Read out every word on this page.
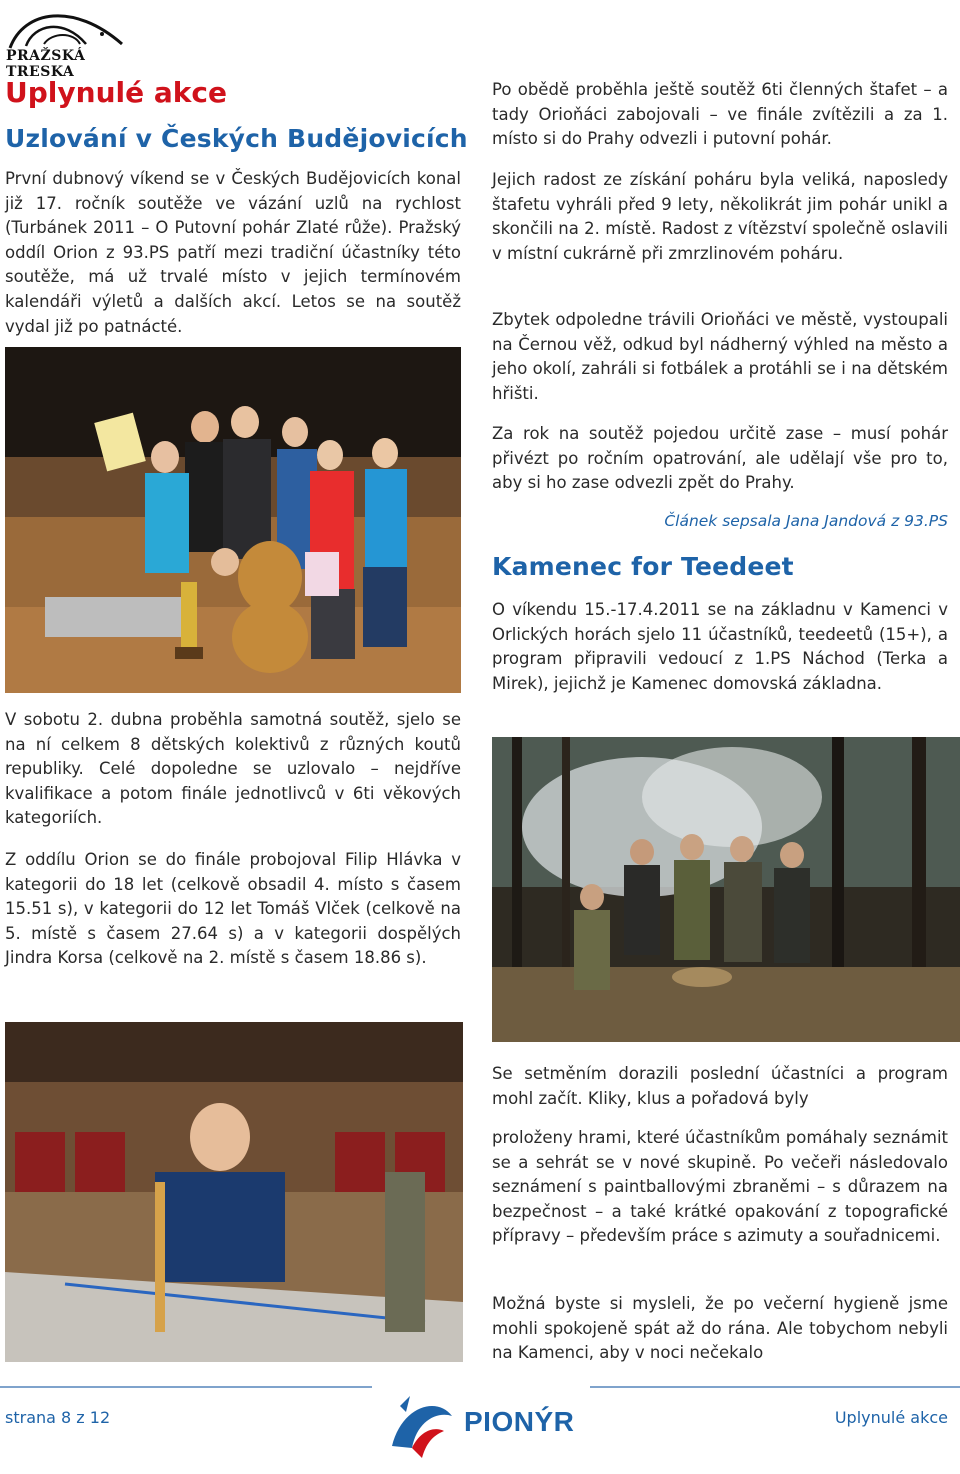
PRAŽSKÁ TRESKA
Uplynulé akce
Uzlování v Českých Budějovicích

První dubnový víkend se v Českých Budějovicích konal již 17. ročník soutěže ve vázání uzlů na rychlost (Turbánek 2011 – O Putovní pohár Zlaté růže). Pražský oddíl Orion z 93.PS patří mezi tradiční účastníky této soutěže, má už trvalé místo v jejich termínovém kalendáři výletů a dalších akcí. Letos se na soutěž vydal již po patnácté.

V sobotu 2. dubna proběhla samotná soutěž, sjelo se na ní celkem 8 dětských kolektivů z různých koutů republiky. Celé dopoledne se uzlovalo – nejdříve kvalifikace a potom finále jednotlivců v 6ti věkových kategoriích.

Z oddílu Orion se do finále probojoval Filip Hlávka v kategorii do 18 let (celkově obsadil 4. místo s časem 15.51 s), v kategorii do 12 let Tomáš Vlček (celkově na 5. místě s časem 27.64 s) a v kategorii dospělých Jindra Korsa (celkově na 2. místě s časem 18.86 s).

Po obědě proběhla ještě soutěž 6ti členných štafet – a tady Orioňáci zabojovali – ve finále zvítězili a za 1. místo si do Prahy odvezli i putovní pohár.

Jejich radost ze získání poháru byla veliká, naposledy štafetu vyhráli před 9 lety, několikrát jim pohár unikl a skončili na 2. místě. Radost z vítězství společně oslavili v místní cukrárně při zmrzlinovém poháru.

Zbytek odpoledne trávili Orioňáci ve městě, vystoupali na Černou věž, odkud byl nádherný výhled na město a jeho okolí, zahráli si fotbálek a protáhli se i na dětském hřišti.

Za rok na soutěž pojedou určitě zase – musí pohár přivézt po ročním opatrování, ale udělají vše pro to, aby si ho zase odvezli zpět do Prahy.

Článek sepsala Jana Jandová z 93.PS
Kamenec for Teedeet

O víkendu 15.-17.4.2011 se na základnu v Kamenci v Orlických horách sjelo 11 účastníků, teedeetů (15+), a program připravili vedoucí z 1.PS Náchod (Terka a Mirek), jejichž je Kamenec domovská základna.

Se setměním dorazili poslední účastníci a program mohl začít. Kliky, klus a pořadová byly

proloženy hrami, které účastníkům pomáhaly seznámit se a sehrát se v nové skupině. Po večeři následovalo seznámení s paintballovými zbraněmi – s důrazem na bezpečnost – a také krátké opakování z topografické přípravy – především práce s azimuty a souřadnicemi.

Možná byste si mysleli, že po večerní hygieně jsme mohli spokojeně spát až do rána. Ale tobychom nebyli na Kamenci, aby v noci nečekalo

strana 8 z 12	PIONÝR	Uplynulé akce
